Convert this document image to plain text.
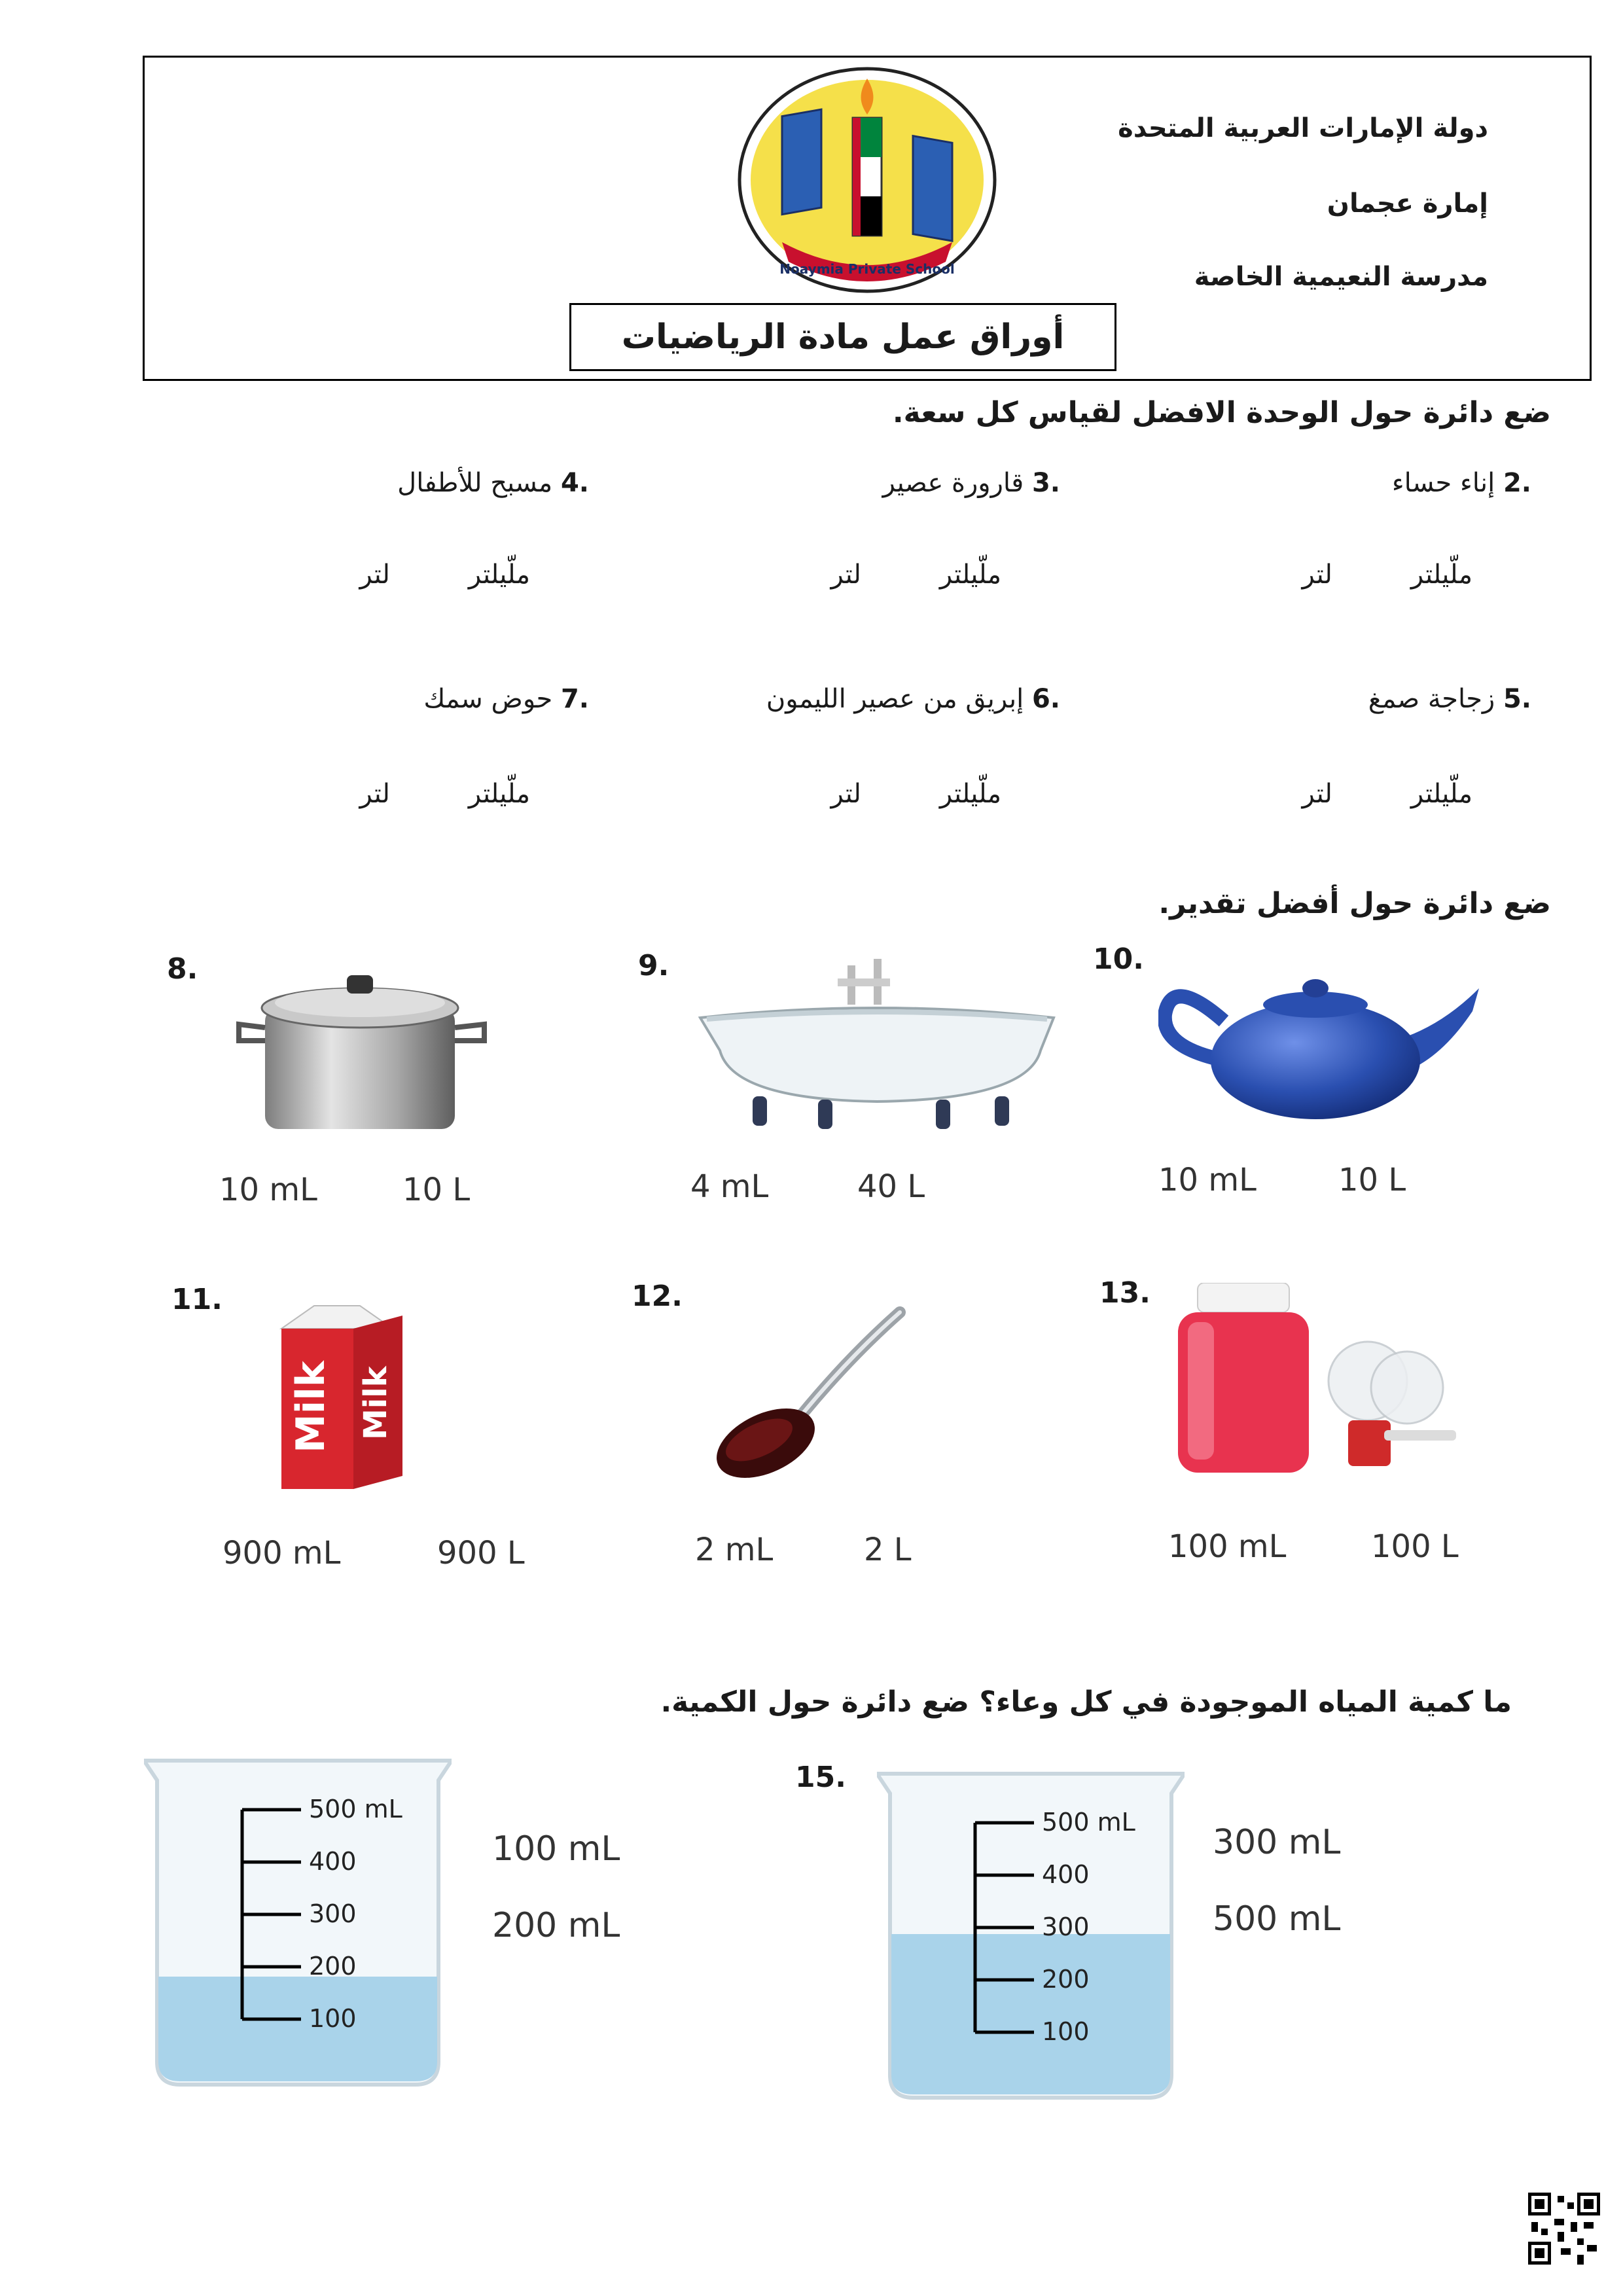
دولة الإمارات العربية المتحدة
إمارة عجمان
مدرسة النعيمية الخاصة
Noaymia Private School
أوراق عمل مادة الرياضيات
ضع دائرة حول الوحدة الافضل لقياس كل سعة.
.2 إناء حساء
.3 قارورة عصير
.4 مسبح للأطفال
ملّيلتر
لتر
ملّيلتر
لتر
ملّيلتر
لتر
.5 زجاجة صمغ
.6 إبريق من عصير الليمون
.7 حوض سمك
ملّيلتر
لتر
ملّيلتر
لتر
ملّيلتر
لتر
ضع دائرة حول أفضل تقدير.
8.
10 mL	10 L
9.
4 mL	40 L
10.
10 mL	10 L
11.
Milk Milk
900 mL	900 L
12.
2 mL	2 L
13.
100 mL	100 L
ما كمية المياه الموجودة في كل وعاء؟ ضع دائرة حول الكمية.
500 mL
400
300
200
100
100 mL
200 mL
15.
500 mL
400
300
200
100
300 mL
500 mL
